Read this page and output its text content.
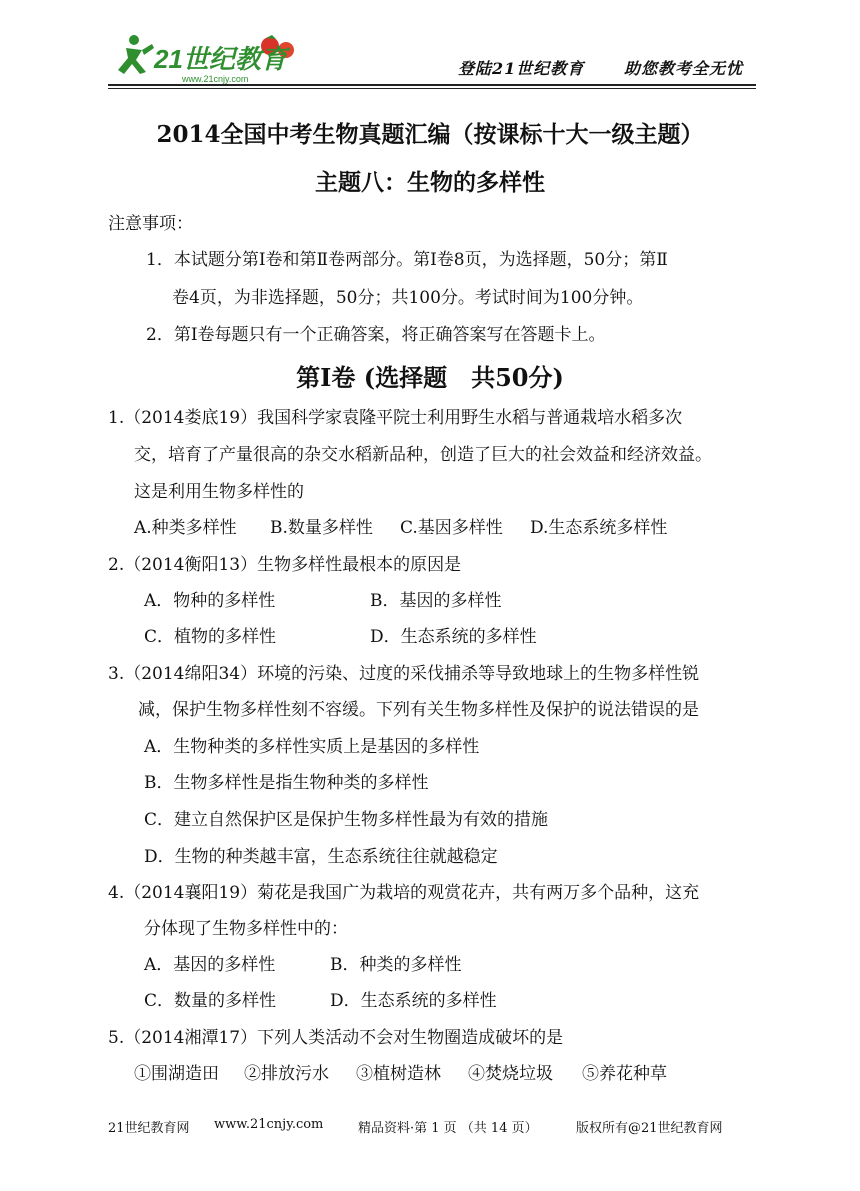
21世纪教育
www.21cnjy.com
登陆21世纪教育 助您教考全无忧
2014全国中考生物真题汇编（按课标十大一级主题）
主题八：生物的多样性
注意事项：
1．本试题分第Ⅰ卷和第Ⅱ卷两部分。第Ⅰ卷8页，为选择题，50分；第Ⅱ
卷4页，为非选择题，50分；共100分。考试时间为100分钟。
2．第Ⅰ卷每题只有一个正确答案，将正确答案写在答题卡上。
第Ⅰ卷 (选择题　共50分)
1.（2014娄底19）我国科学家袁隆平院士利用野生水稻与普通栽培水稻多次
交，培育了产量很高的杂交水稻新品种，创造了巨大的社会效益和经济效益。
这是利用生物多样性的
A.种类多样性 B.数量多样性 C.基因多样性 D.生态系统多样性
2.（2014衡阳13）生物多样性最根本的原因是
A．物种的多样性	B．基因的多样性
C．植物的多样性	D．生态系统的多样性
3.（2014绵阳34）环境的污染、过度的采伐捕杀等导致地球上的生物多样性锐
减，保护生物多样性刻不容缓。下列有关生物多样性及保护的说法错误的是
A．生物种类的多样性实质上是基因的多样性
B．生物多样性是指生物种类的多样性
C．建立自然保护区是保护生物多样性最为有效的措施
D．生物的种类越丰富，生态系统往往就越稳定
4.（2014襄阳19）菊花是我国广为栽培的观赏花卉，共有两万多个品种，这充
分体现了生物多样性中的：
A．基因的多样性	B．种类的多样性
C．数量的多样性	D．生态系统的多样性
5.（2014湘潭17）下列人类活动不会对生物圈造成破坏的是
①围湖造田 ②排放污水 ③植树造林 ④焚烧垃圾 ⑤养花种草
21世纪教育网 www.21cnjy.com	精品资料·第 1 页 （共 14 页）	版权所有@21世纪教育网
